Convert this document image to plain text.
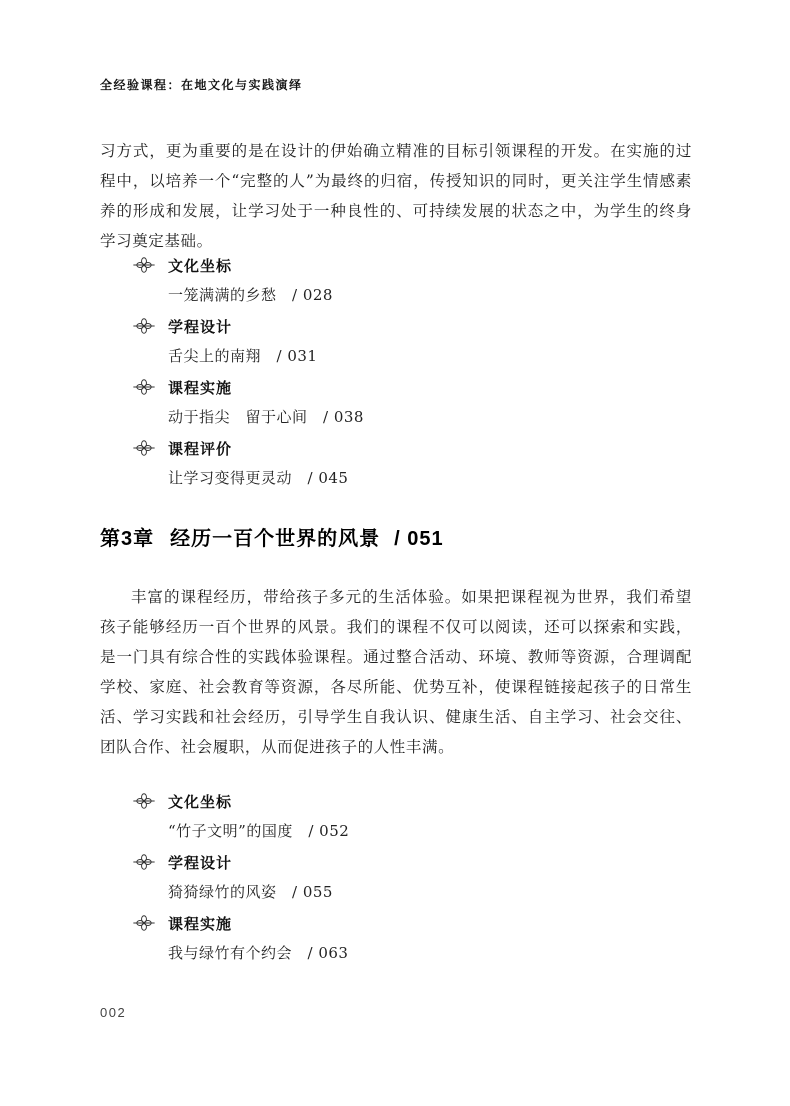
全经验课程：在地文化与实践演绎
习方式，更为重要的是在设计的伊始确立精准的目标引领课程的开发。在实施的过程中，以培养一个“完整的人”为最终的归宿，传授知识的同时，更关注学生情感素养的形成和发展，让学习处于一种良性的、可持续发展的状态之中，为学生的终身学习奠定基础。
文化坐标
一笼满满的乡愁　/ 028
学程设计
舌尖上的南翔　/ 031
课程实施
动于指尖　留于心间　/ 038
课程评价
让学习变得更灵动　/ 045
第3章 经历一百个世界的风景 / 051
丰富的课程经历，带给孩子多元的生活体验。如果把课程视为世界，我们希望孩子能够经历一百个世界的风景。我们的课程不仅可以阅读，还可以探索和实践，是一门具有综合性的实践体验课程。通过整合活动、环境、教师等资源，合理调配学校、家庭、社会教育等资源，各尽所能、优势互补，使课程链接起孩子的日常生活、学习实践和社会经历，引导学生自我认识、健康生活、自主学习、社会交往、团队合作、社会履职，从而促进孩子的人性丰满。
文化坐标
“竹子文明”的国度　/ 052
学程设计
猗猗绿竹的风姿　/ 055
课程实施
我与绿竹有个约会　/ 063
002
